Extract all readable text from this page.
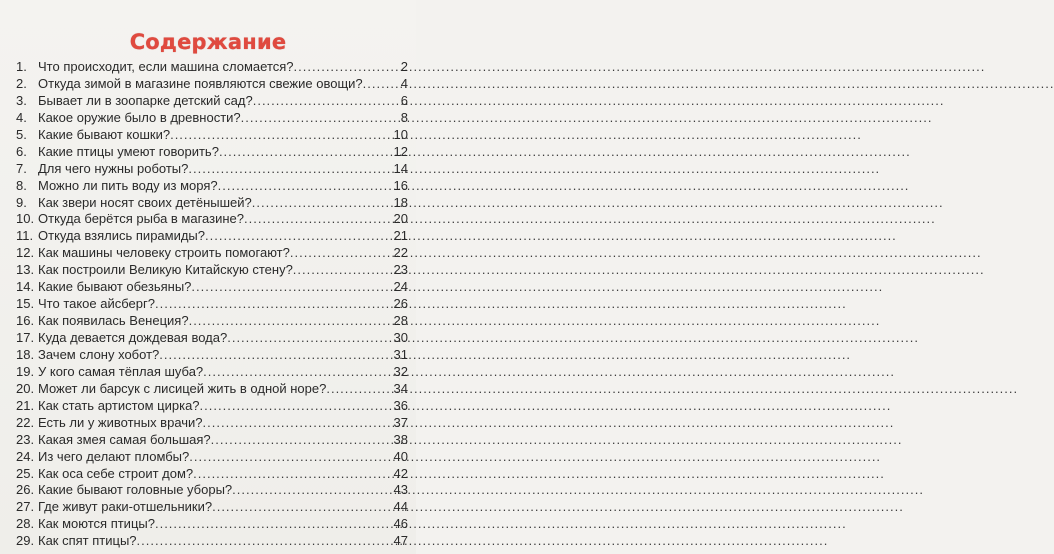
Содержание
1. Что происходит, если машина сломается? .....	2
2. Откуда зимой в магазине появляются свежие овощи? .....	4
3. Бывает ли в зоопарке детский сад? .....	6
4. Какое оружие было в древности? .....	8
5. Какие бывают кошки? .....	10
6. Какие птицы умеют говорить? .....	12
7. Для чего нужны роботы? .....	14
8. Можно ли пить воду из моря? .....	16
9. Как звери носят своих детёнышей? .....	18
10. Откуда берётся рыба в магазине? .....	20
11. Откуда взялись пирамиды? .....	21
12. Как машины человеку строить помогают? .....	22
13. Как построили Великую Китайскую стену? .....	23
14. Какие бывают обезьяны? .....	24
15. Что такое айсберг? .....	26
16. Как появилась Венеция? .....	28
17. Куда девается дождевая вода? .....	30
18. Зачем слону хобот? .....	31
19. У кого самая тёплая шуба? .....	32
20. Может ли барсук с лисицей жить в одной норе? .....	34
21. Как стать артистом цирка? .....	36
22. Есть ли у животных врачи? .....	37
23. Какая змея самая большая? .....	38
24. Из чего делают пломбы? .....	40
25. Как оса себе строит дом? .....	42
26. Какие бывают головные уборы? .....	43
27. Где живут раки-отшельники? .....	44
28. Как моются птицы? .....	46
29. Как спят птицы? .....	47
